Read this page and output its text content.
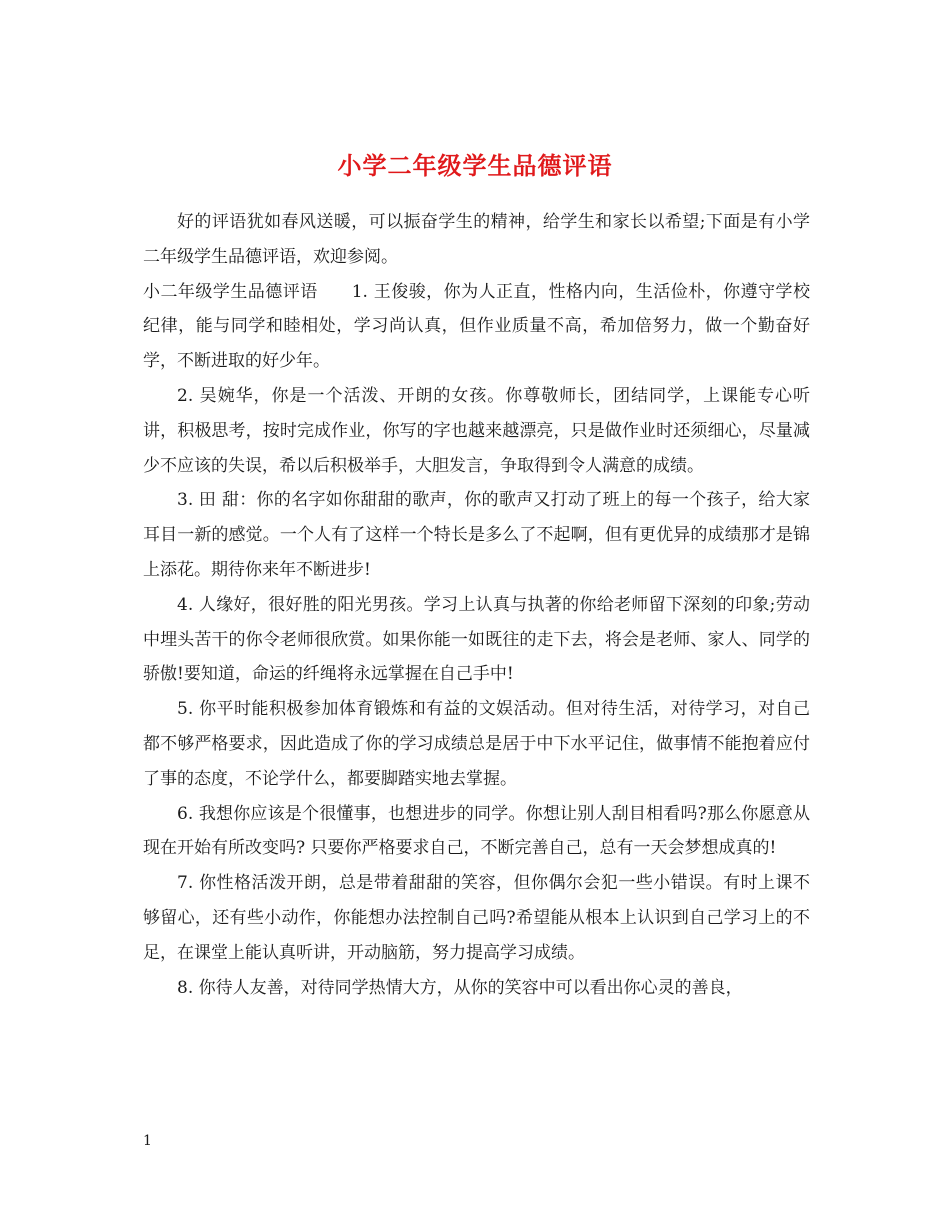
小学二年级学生品德评语

好的评语犹如春风送暖，可以振奋学生的精神，给学生和家长以希望;下面是有小学二年级学生品德评语，欢迎参阅。

小二年级学生品德评语 1. 王俊骏，你为人正直，性格内向，生活俭朴，你遵守学校纪律，能与同学和睦相处，学习尚认真，但作业质量不高，希加倍努力，做一个勤奋好学，不断进取的好少年。

2. 吴婉华，你是一个活泼、开朗的女孩。你尊敬师长，团结同学，上课能专心听讲，积极思考，按时完成作业，你写的字也越来越漂亮，只是做作业时还须细心，尽量减少不应该的失误，希以后积极举手，大胆发言，争取得到令人满意的成绩。

3. 田 甜：你的名字如你甜甜的歌声，你的歌声又打动了班上的每一个孩子，给大家耳目一新的感觉。一个人有了这样一个特长是多么了不起啊，但有更优异的成绩那才是锦上添花。期待你来年不断进步!

4. 人缘好，很好胜的阳光男孩。学习上认真与执著的你给老师留下深刻的印象;劳动中埋头苦干的你令老师很欣赏。如果你能一如既往的走下去，将会是老师、家人、同学的骄傲!要知道，命运的纤绳将永远掌握在自己手中!

5. 你平时能积极参加体育锻炼和有益的文娱活动。但对待生活，对待学习，对自己都不够严格要求，因此造成了你的学习成绩总是居于中下水平记住，做事情不能抱着应付了事的态度，不论学什么，都要脚踏实地去掌握。

6. 我想你应该是个很懂事，也想进步的同学。你想让别人刮目相看吗?那么你愿意从现在开始有所改变吗? 只要你严格要求自己，不断完善自己，总有一天会梦想成真的!

7. 你性格活泼开朗，总是带着甜甜的笑容，但你偶尔会犯一些小错误。有时上课不够留心，还有些小动作，你能想办法控制自己吗?希望能从根本上认识到自己学习上的不足，在课堂上能认真听讲，开动脑筋，努力提高学习成绩。

8. 你待人友善，对待同学热情大方，从你的笑容中可以看出你心灵的善良，

1
